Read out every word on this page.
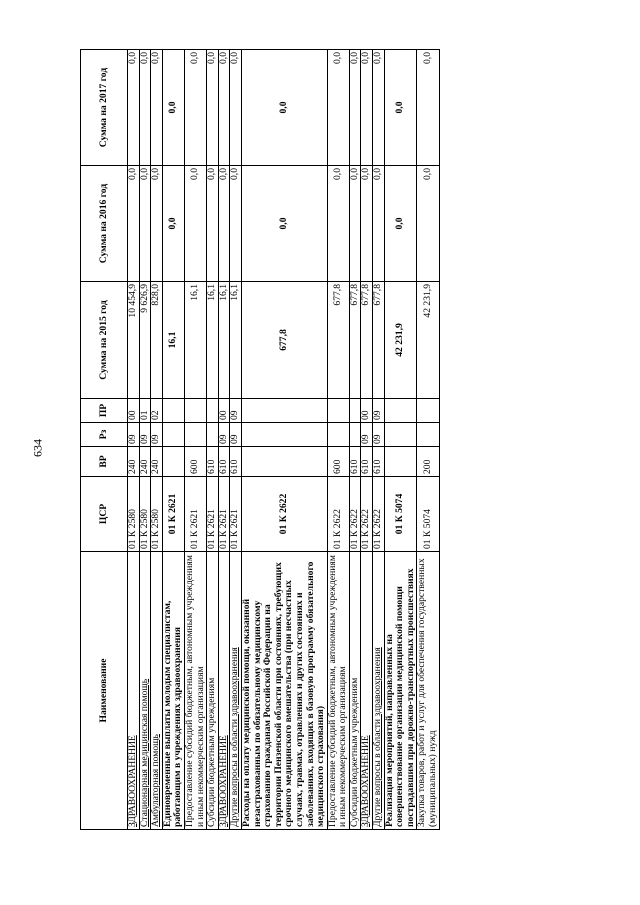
634
Наименование	ЦСР	ВР	Рз	ПР	Сумма на 2015 год	Сумма на 2016 год	Сумма на 2017 год
ЗДРАВООХРАНЕНИЕ	01 К 2580	240	09	00	10 454,9	0,0	0,0
Стационарная медицинская помощь	01 К 2580	240	09	01	9 626,9	0,0	0,0
Амбулаторная помощь	01 К 2580	240	09	02	828,0	0,0	0,0
Единовременные выплаты молодым специалистам, работающим в учреждениях здравоохранения	01 К 2621				16,1	0,0	0,0
Предоставление субсидий бюджетным, автономным учреждениям и иным некоммерческим организациям	01 К 2621	600			16,1	0,0	0,0
Субсидии бюджетным учреждениям	01 К 2621	610			16,1	0,0	0,0
ЗДРАВООХРАНЕНИЕ	01 К 2621	610	09	00	16,1	0,0	0,0
Другие вопросы в области здравоохранения	01 К 2621	610	09	09	16,1	0,0	0,0
Расходы на оплату медицинской помощи, оказанной незастрахованным по обязательному медицинскому страхованию гражданам Российской Федерации на территории Пензенской области при состояниях, требующих срочного медицинского вмешательства (при несчастных случаях, травмах, отравлениях и других состояниях и заболеваниях, входящих в базовую программу обязательного медицинского страхования)	01 К 2622				677,8	0,0	0,0
Предоставление субсидий бюджетным, автономным учреждениям и иным некоммерческим организациям	01 К 2622	600			677,8	0,0	0,0
Субсидии бюджетным учреждениям	01 К 2622	610			677,8	0,0	0,0
ЗДРАВООХРАНЕНИЕ	01 К 2622	610	09	00	677,8	0,0	0,0
Другие вопросы в области здравоохранения	01 К 2622	610	09	09	677,8	0,0	0,0
Реализация мероприятий, направленных на совершенствование организации медицинской помощи пострадавшим при дорожно-транспортных происшествиях	01 К 5074				42 231,9	0,0	0,0
Закупка товаров, работ и услуг для обеспечения государственных (муниципальных) нужд	01 К 5074	200			42 231,9	0,0	0,0
